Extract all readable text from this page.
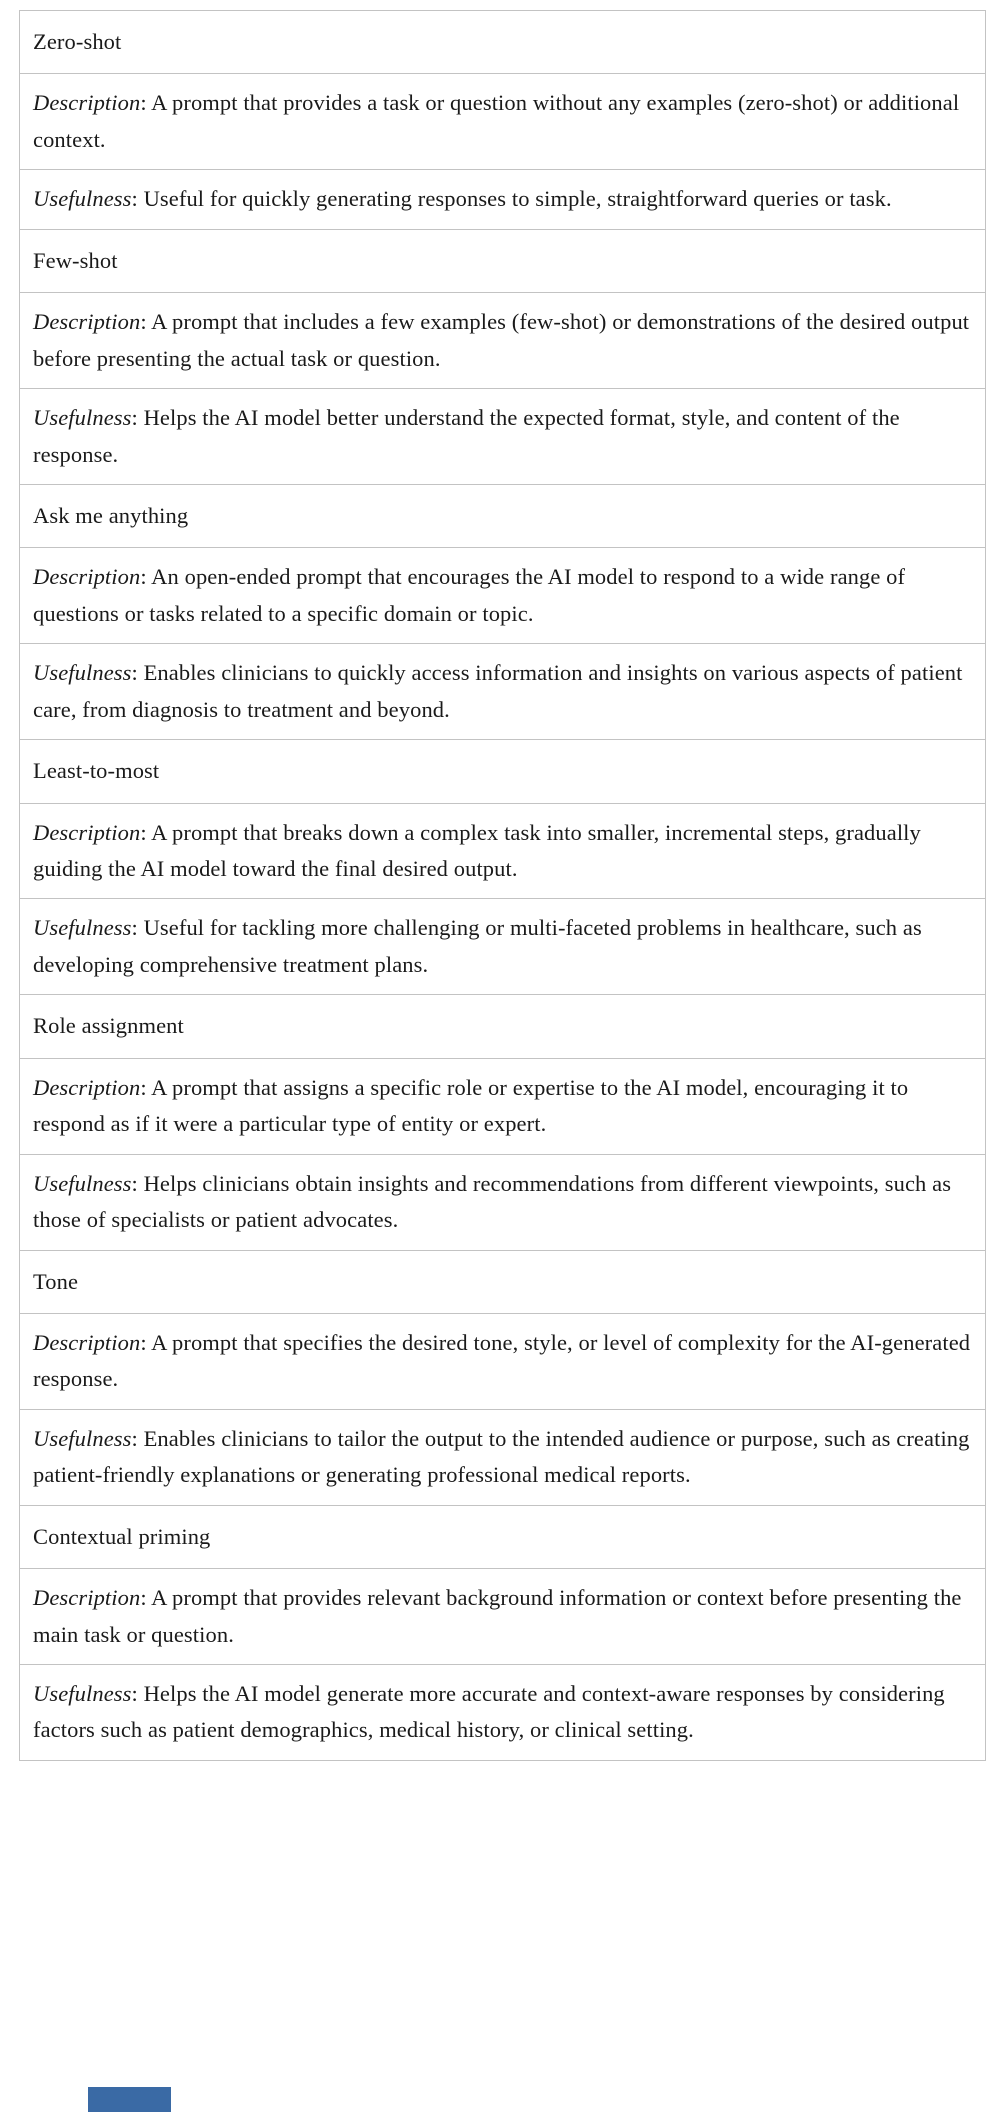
Zero-shot
Description: A prompt that provides a task or question without any examples (zero-shot) or additional context.
Usefulness: Useful for quickly generating responses to simple, straightforward queries or task.
Few-shot
Description: A prompt that includes a few examples (few-shot) or demonstrations of the desired output before presenting the actual task or question.
Usefulness: Helps the AI model better understand the expected format, style, and content of the response.
Ask me anything
Description: An open-ended prompt that encourages the AI model to respond to a wide range of questions or tasks related to a specific domain or topic.
Usefulness: Enables clinicians to quickly access information and insights on various aspects of patient care, from diagnosis to treatment and beyond.
Least-to-most
Description: A prompt that breaks down a complex task into smaller, incremental steps, gradually guiding the AI model toward the final desired output.
Usefulness: Useful for tackling more challenging or multi-faceted problems in healthcare, such as developing comprehensive treatment plans.
Role assignment
Description: A prompt that assigns a specific role or expertise to the AI model, encouraging it to respond as if it were a particular type of entity or expert.
Usefulness: Helps clinicians obtain insights and recommendations from different viewpoints, such as those of specialists or patient advocates.
Tone
Description: A prompt that specifies the desired tone, style, or level of complexity for the AI-generated response.
Usefulness: Enables clinicians to tailor the output to the intended audience or purpose, such as creating patient-friendly explanations or generating professional medical reports.
Contextual priming
Description: A prompt that provides relevant background information or context before presenting the main task or question.
Usefulness: Helps the AI model generate more accurate and context-aware responses by considering factors such as patient demographics, medical history, or clinical setting.
